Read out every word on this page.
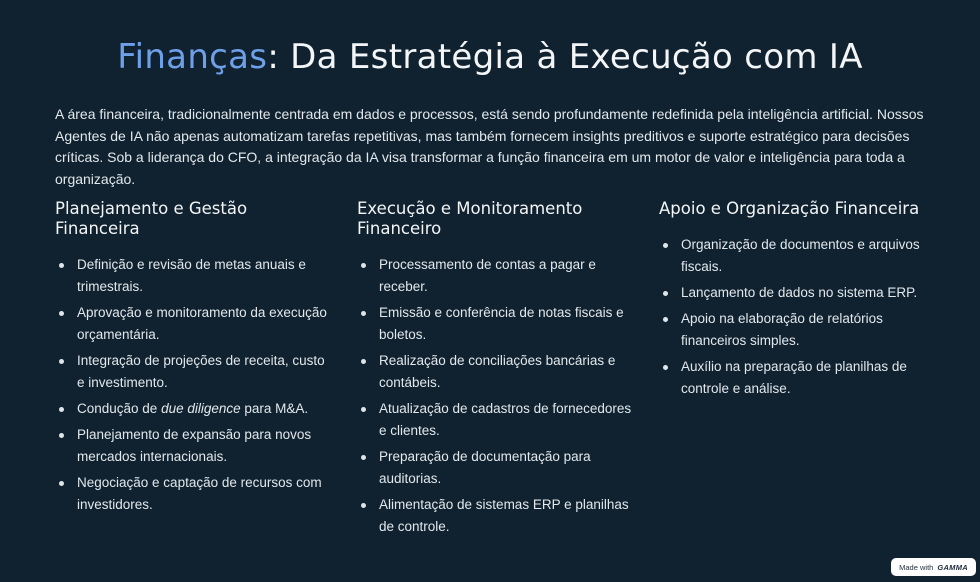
Finanças: Da Estratégia à Execução com IA

A área financeira, tradicionalmente centrada em dados e processos, está sendo profundamente redefinida pela inteligência artificial. Nossos Agentes de IA não apenas automatizam tarefas repetitivas, mas também fornecem insights preditivos e suporte estratégico para decisões críticas. Sob a liderança do CFO, a integração da IA visa transformar a função financeira em um motor de valor e inteligência para toda a organização.

Planejamento e Gestão Financeira
Definição e revisão de metas anuais e trimestrais.
Aprovação e monitoramento da execução orçamentária.
Integração de projeções de receita, custo e investimento.
Condução de due diligence para M&A.
Planejamento de expansão para novos mercados internacionais.
Negociação e captação de recursos com investidores.
Execução e Monitoramento Financeiro
Processamento de contas a pagar e receber.
Emissão e conferência de notas fiscais e boletos.
Realização de conciliações bancárias e contábeis.
Atualização de cadastros de fornecedores e clientes.
Preparação de documentação para auditorias.
Alimentação de sistemas ERP e planilhas de controle.
Apoio e Organização Financeira
Organização de documentos e arquivos fiscais.
Lançamento de dados no sistema ERP.
Apoio na elaboração de relatórios financeiros simples.
Auxílio na preparação de planilhas de controle e análise.
Made with GAMMA
